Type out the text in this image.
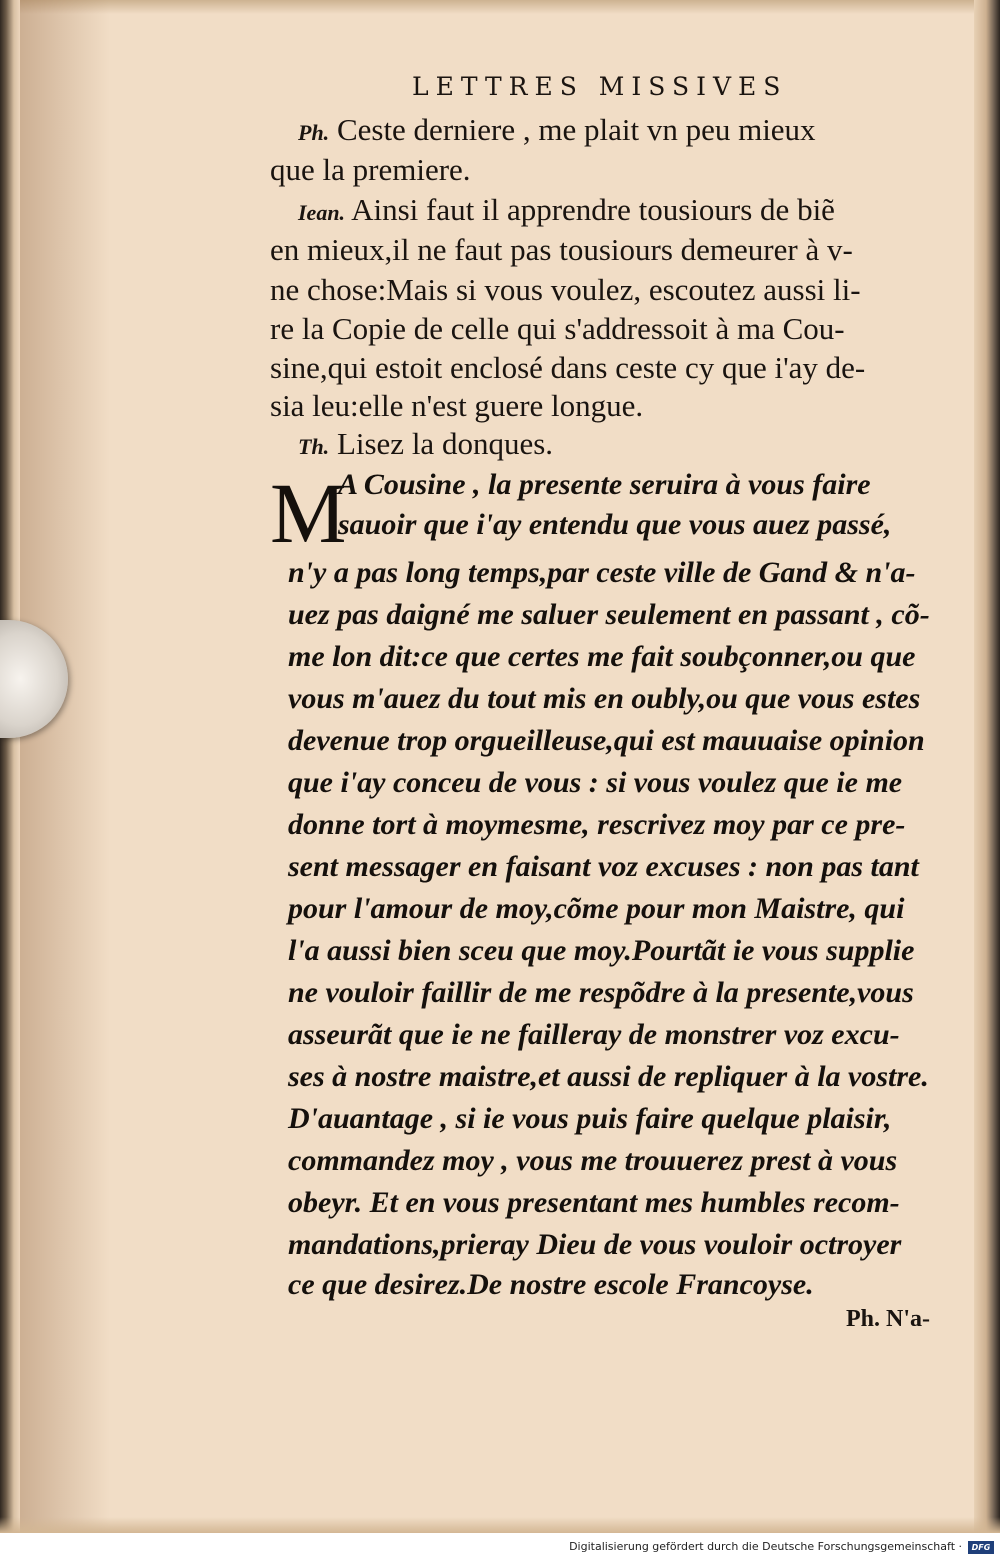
LETTRES MISSIVES
Ph. Ceste derniere , me plait vn peu mieux
que la premiere.
Iean. Ainsi faut il apprendre tousiours de biẽ
en mieux,il ne faut pas tousiours demeurer à v-
ne chose:Mais si vous voulez, escoutez aussi li-
re la Copie de celle qui s'addressoit à ma Cou-
sine,qui estoit enclosé dans ceste cy que i'ay de-
sia leu:elle n'est guere longue.
Th. Lisez la donques.
M
A Cousine , la presente seruira à vous faire
sauoir que i'ay entendu que vous auez passé,
n'y a pas long temps,par ceste ville de Gand & n'a-
uez pas daigné me saluer seulement en passant , cõ-
me lon dit:ce que certes me fait soubçonner,ou que
vous m'auez du tout mis en oubly,ou que vous estes
devenue trop orgueilleuse,qui est mauuaise opinion
que i'ay conceu de vous : si vous voulez que ie me
donne tort à moymesme, rescrivez moy par ce pre-
sent messager en faisant voz excuses : non pas tant
pour l'amour de moy,cõme pour mon Maistre, qui
l'a aussi bien sceu que moy.Pourtãt ie vous supplie
ne vouloir faillir de me respõdre à la presente,vous
asseurãt que ie ne failleray de monstrer voz excu-
ses à nostre maistre,et aussi de repliquer à la vostre.
D'auantage , si ie vous puis faire quelque plaisir,
commandez moy , vous me trouuerez prest à vous
obeyr. Et en vous presentant mes humbles recom-
mandations,prieray Dieu de vous vouloir octroyer
ce que desirez.De nostre escole Francoyse.
Ph. N'a-
Digitalisierung gefördert durch die Deutsche Forschungsgemeinschaft ·	DFG
